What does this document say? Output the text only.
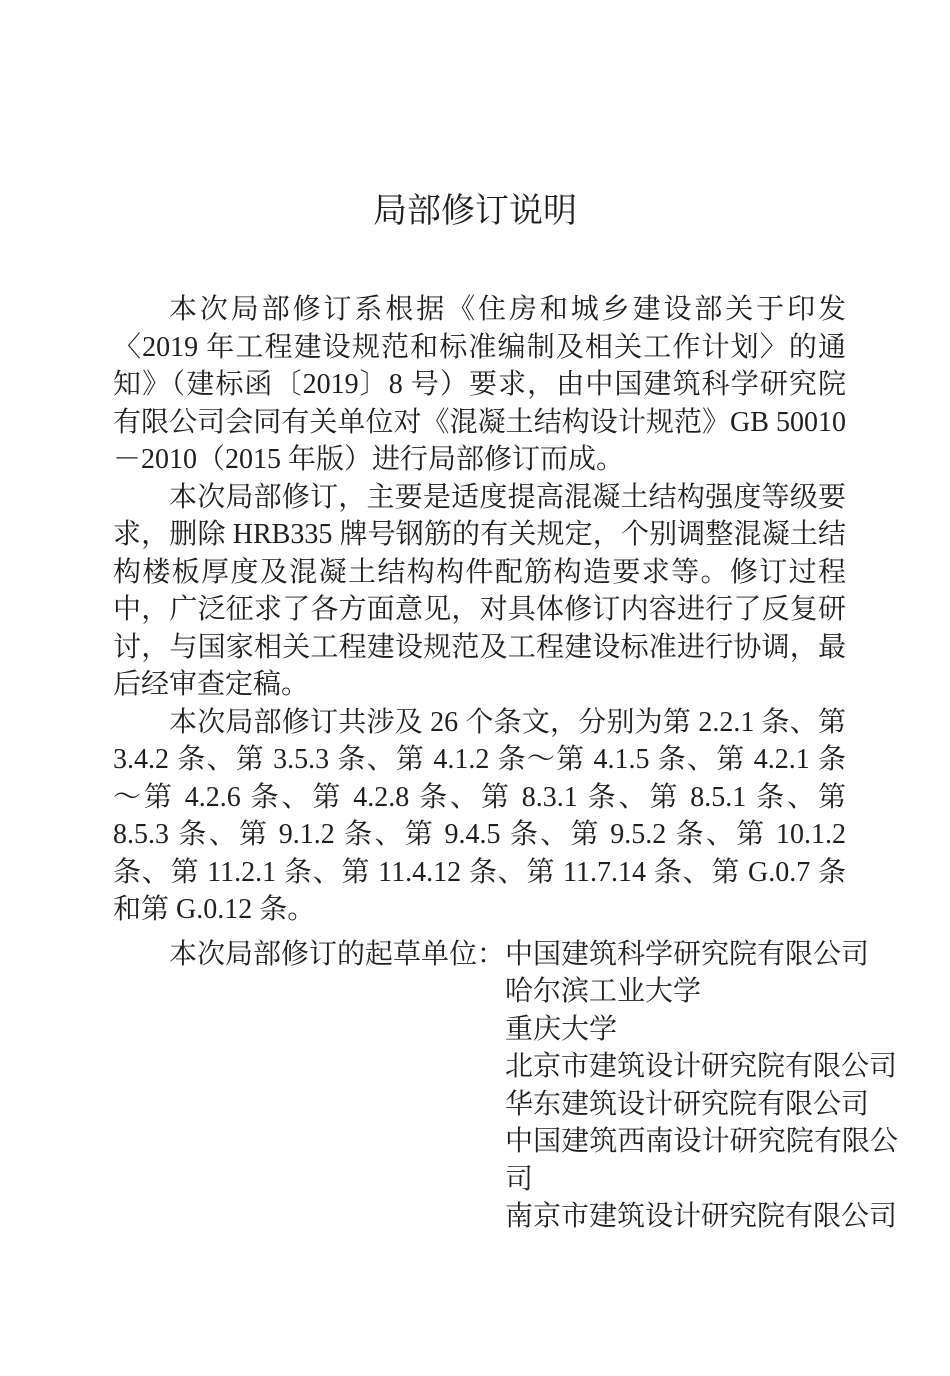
局部修订说明

本次局部修订系根据《住房和城乡建设部关于印发〈2019 年工程建设规范和标准编制及相关工作计划〉的通知》（建标函〔2019〕8 号）要求，由中国建筑科学研究院有限公司会同有关单位对《混凝土结构设计规范》GB 50010－2010（2015 年版）进行局部修订而成。

本次局部修订，主要是适度提高混凝土结构强度等级要求，删除 HRB335 牌号钢筋的有关规定，个别调整混凝土结构楼板厚度及混凝土结构构件配筋构造要求等。修订过程中，广泛征求了各方面意见，对具体修订内容进行了反复研讨，与国家相关工程建设规范及工程建设标准进行协调，最后经审查定稿。

本次局部修订共涉及 26 个条文，分别为第 2.2.1 条、第 3.4.2 条、第 3.5.3 条、第 4.1.2 条～第 4.1.5 条、第 4.2.1 条～第 4.2.6 条、第 4.2.8 条、第 8.3.1 条、第 8.5.1 条、第 8.5.3 条、第 9.1.2 条、第 9.4.5 条、第 9.5.2 条、第 10.1.2 条、第 11.2.1 条、第 11.4.12 条、第 11.7.14 条、第 G.0.7 条和第 G.0.12 条。

本次局部修订的起草单位： 中国建筑科学研究院有限公司
哈尔滨工业大学
重庆大学
北京市建筑设计研究院有限公司
华东建筑设计研究院有限公司
中国建筑西南设计研究院有限公司
南京市建筑设计研究院有限公司
